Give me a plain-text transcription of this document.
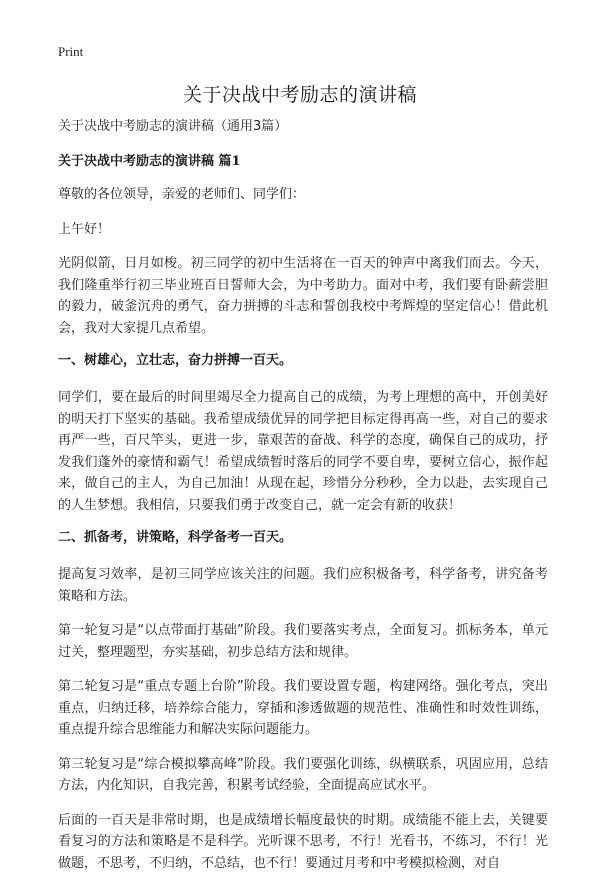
Print
关于决战中考励志的演讲稿

关于决战中考励志的演讲稿（通用3篇）

关于决战中考励志的演讲稿 篇1

尊敬的各位领导，亲爱的老师们、同学们：

上午好！

光阴似箭，日月如梭。初三同学的初中生活将在一百天的钟声中离我们而去。今天，我们隆重举行初三毕业班百日誓师大会，为中考助力。面对中考，我们要有卧薪尝胆的毅力，破釜沉舟的勇气，奋力拼搏的斗志和誓创我校中考辉煌的坚定信心！借此机会，我对大家提几点希望。

一、树雄心，立壮志，奋力拼搏一百天。

同学们，要在最后的时间里竭尽全力提高自己的成绩，为考上理想的高中，开创美好的明天打下坚实的基础。我希望成绩优异的同学把目标定得再高一些，对自己的要求再严一些，百尺竿头，更进一步，靠艰苦的奋战、科学的态度，确保自己的成功，抒发我们蓬外的豪情和霸气！希望成绩暂时落后的同学不要自卑，要树立信心，振作起来，做自己的主人，为自己加油！从现在起，珍惜分分秒秒，全力以赴，去实现自己的人生梦想。我相信，只要我们勇于改变自己，就一定会有新的收获！

二、抓备考，讲策略，科学备考一百天。

提高复习效率，是初三同学应该关注的问题。我们应积极备考，科学备考，讲究备考策略和方法。

第一轮复习是“以点带面打基础”阶段。我们要落实考点，全面复习。抓标务本，单元过关，整理题型，夯实基础，初步总结方法和规律。

第二轮复习是“重点专题上台阶”阶段。我们要设置专题，构建网络。强化考点，突出重点，归纳迁移，培养综合能力，穿插和渗透做题的规范性、准确性和时效性训练，重点提升综合思维能力和解决实际问题能力。

第三轮复习是“综合模拟攀高峰”阶段。我们要强化训练，纵横联系，巩固应用，总结方法，内化知识，自我完善，积累考试经验，全面提高应试水平。

后面的一百天是非常时期，也是成绩增长幅度最快的时期。成绩能不能上去，关键要看复习的方法和策略是不是科学。光听课不思考，不行！光看书，不练习，不行！光做题，不思考，不归纳，不总结，也不行！要通过月考和中考模拟检测，对自
